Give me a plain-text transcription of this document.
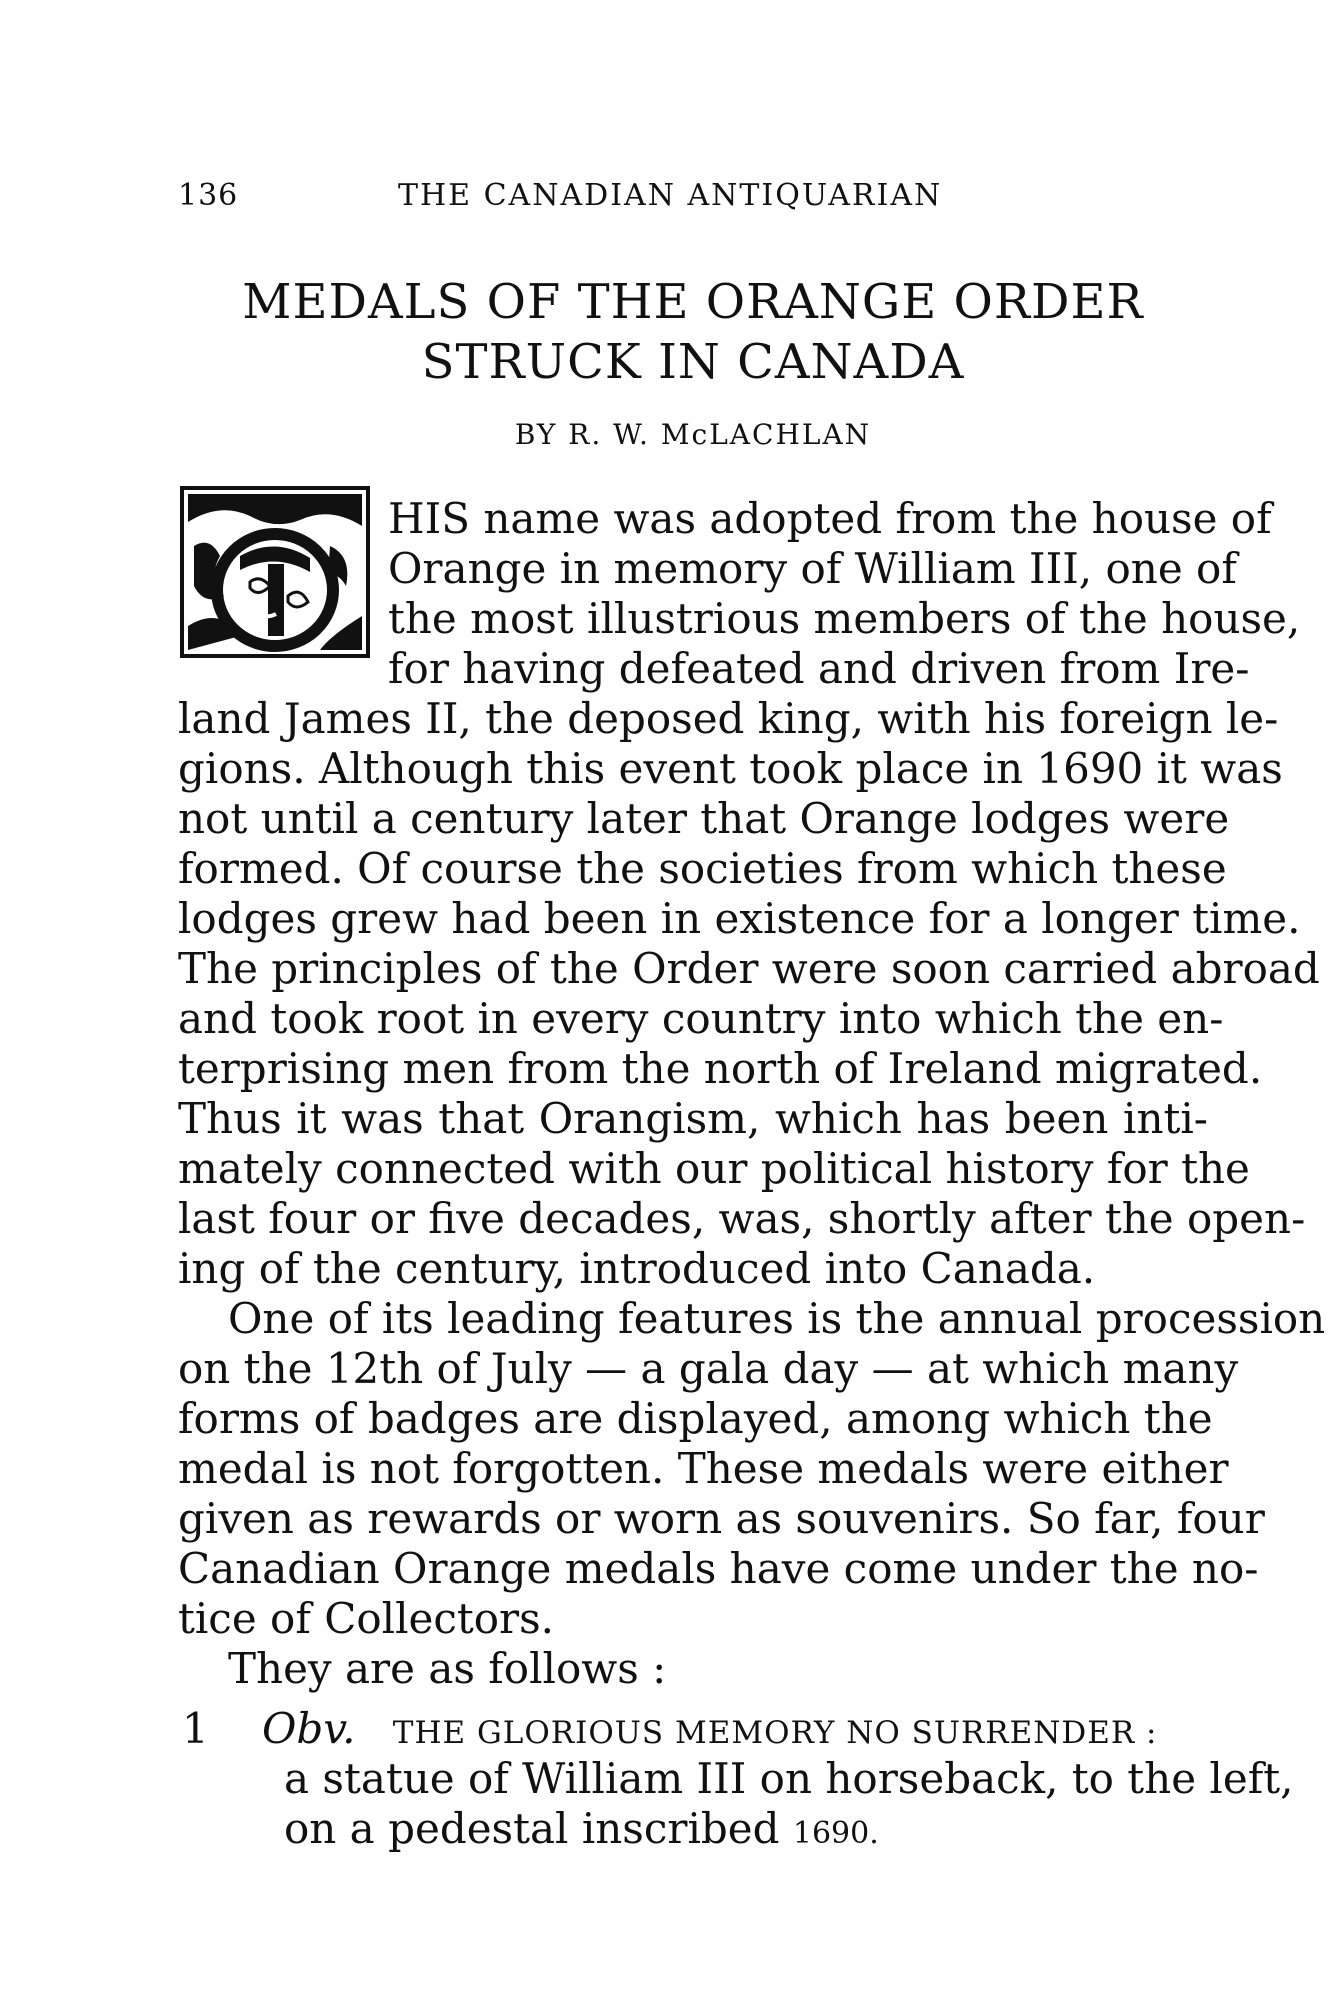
136	THE CANADIAN ANTIQUARIAN
MEDALS OF THE ORANGE ORDER
STRUCK IN CANADA
BY R. W. McLACHLAN
T
HIS name was adopted from the house of
Orange in memory of William III, one of
the most illustrious members of the house,
for having defeated and driven from Ire-
land James II, the deposed king, with his foreign le-
gions. Although this event took place in 1690 it was
not until a century later that Orange lodges were
formed. Of course the societies from which these
lodges grew had been in existence for a longer time.
The principles of the Order were soon carried abroad
and took root in every country into which the en-
terprising men from the north of Ireland migrated.
Thus it was that Orangism, which has been inti-
mately connected with our political history for the
last four or five decades, was, shortly after the open-
ing of the century, introduced into Canada.
One of its leading features is the annual procession
on the 12th of July — a gala day — at which many
forms of badges are displayed, among which the
medal is not forgotten. These medals were either
given as rewards or worn as souvenirs. So far, four
Canadian Orange medals have come under the no-
tice of Collectors.
They are as follows :
1	Obv. THE GLORIOUS MEMORY NO SURRENDER :
a statue of William III on horseback, to the left,
on a pedestal inscribed 1690.
